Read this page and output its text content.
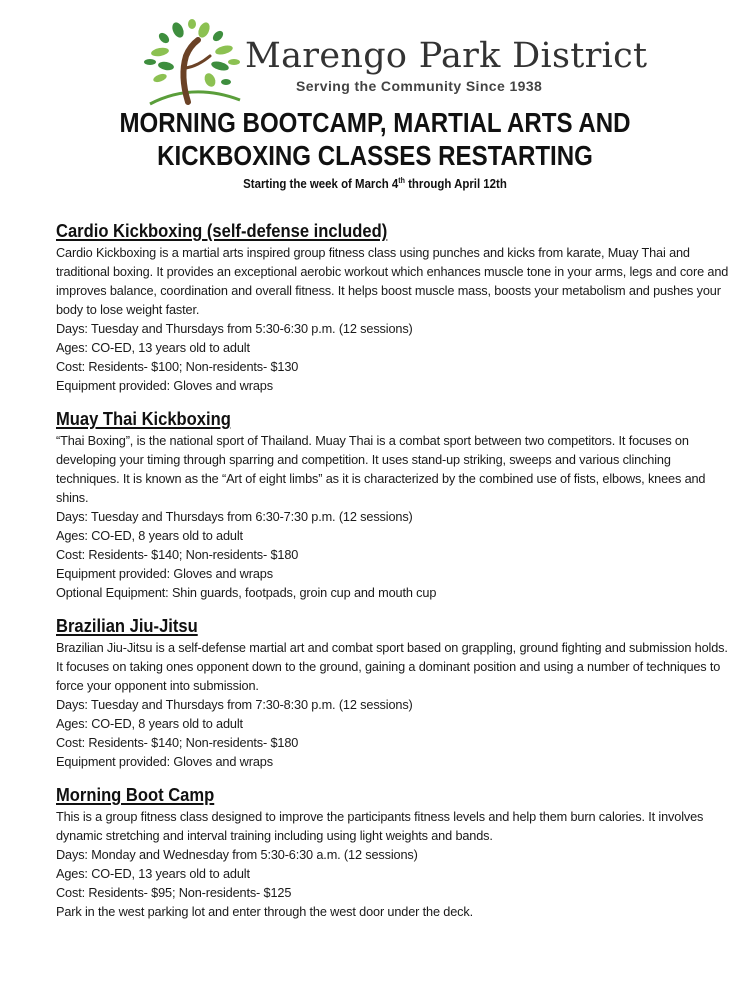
Marengo Park District
Serving the Community Since 1938
MORNING BOOTCAMP, MARTIAL ARTS AND
KICKBOXING CLASSES RESTARTING
Starting the week of March 4th through April 12th
Cardio Kickboxing (self-defense included)
Cardio Kickboxing is a martial arts inspired group fitness class using punches and kicks from karate, Muay Thai and traditional boxing. It provides an exceptional aerobic workout which enhances muscle tone in your arms, legs and core and improves balance, coordination and overall fitness. It helps boost muscle mass, boosts your metabolism and pushes your body to lose weight faster.
Days: Tuesday and Thursdays from 5:30-6:30 p.m. (12 sessions)
Ages: CO-ED, 13 years old to adult
Cost: Residents- $100; Non-residents- $130
Equipment provided: Gloves and wraps
Muay Thai Kickboxing
“Thai Boxing”, is the national sport of Thailand. Muay Thai is a combat sport between two competitors. It focuses on developing your timing through sparring and competition. It uses stand-up striking, sweeps and various clinching techniques. It is known as the “Art of eight limbs” as it is characterized by the combined use of fists, elbows, knees and shins.
Days: Tuesday and Thursdays from 6:30-7:30 p.m. (12 sessions)
Ages: CO-ED, 8 years old to adult
Cost: Residents- $140; Non-residents- $180
Equipment provided: Gloves and wraps
Optional Equipment: Shin guards, footpads, groin cup and mouth cup
Brazilian Jiu-Jitsu
Brazilian Jiu-Jitsu is a self-defense martial art and combat sport based on grappling, ground fighting and submission holds. It focuses on taking ones opponent down to the ground, gaining a dominant position and using a number of techniques to force your opponent into submission.
Days: Tuesday and Thursdays from 7:30-8:30 p.m. (12 sessions)
Ages: CO-ED, 8 years old to adult
Cost: Residents- $140; Non-residents- $180
Equipment provided: Gloves and wraps
Morning Boot Camp
This is a group fitness class designed to improve the participants fitness levels and help them burn calories. It involves dynamic stretching and interval training including using light weights and bands.
Days: Monday and Wednesday from 5:30-6:30 a.m. (12 sessions)
Ages: CO-ED, 13 years old to adult
Cost: Residents- $95; Non-residents- $125
Park in the west parking lot and enter through the west door under the deck.
